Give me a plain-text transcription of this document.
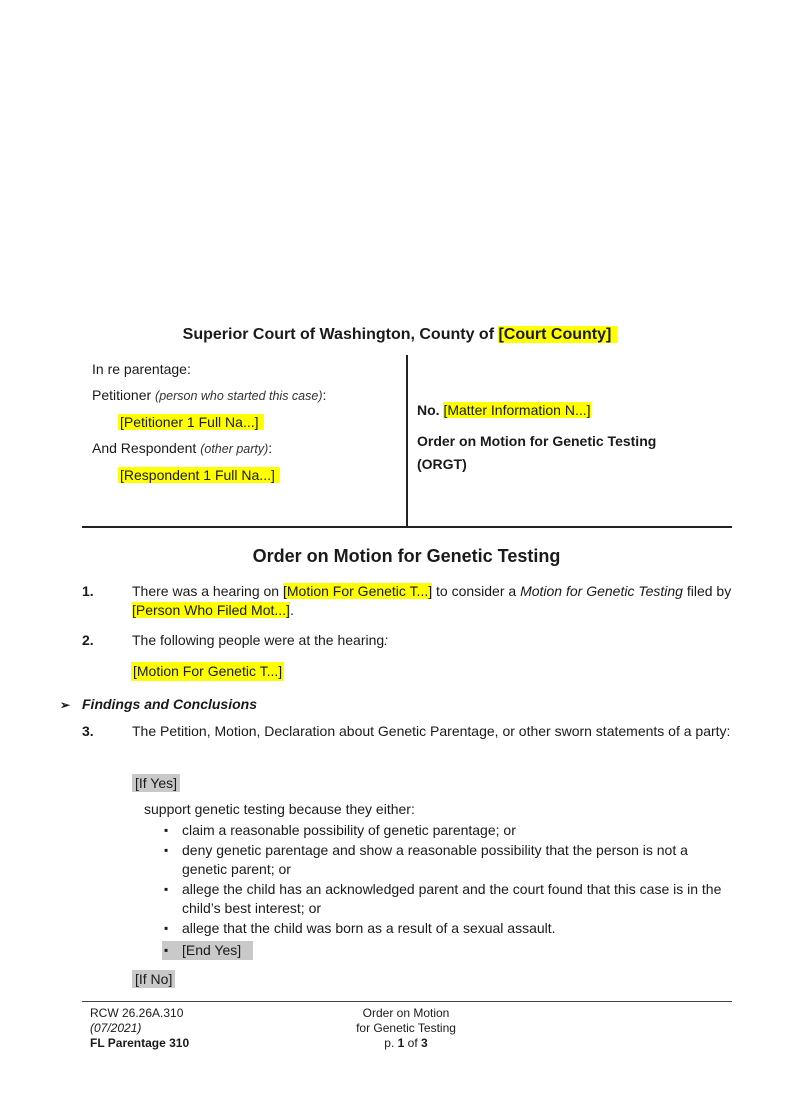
Superior Court of Washington, County of [Court County]
In re parentage:
Petitioner (person who started this case):
[Petitioner 1 Full Na...]
And Respondent (other party):
[Respondent 1 Full Na...]
No. [Matter Information N...]
Order on Motion for Genetic Testing
(ORGT)
Order on Motion for Genetic Testing
1.	There was a hearing on [Motion For Genetic T...] to consider a Motion for Genetic Testing filed by [Person Who Filed Mot...].
2.	The following people were at the hearing:
[Motion For Genetic T...]
➢ Findings and Conclusions
3.	The Petition, Motion, Declaration about Genetic Parentage, or other sworn statements of a party:
[If Yes]
support genetic testing because they either:
▪ claim a reasonable possibility of genetic parentage; or
▪ deny genetic parentage and show a reasonable possibility that the person is not a genetic parent; or
▪ allege the child has an acknowledged parent and the court found that this case is in the child’s best interest; or
▪ allege that the child was born as a result of a sexual assault.
▪ [End Yes]
[If No]
RCW 26.26A.310
(07/2021)
FL Parentage 310
Order on Motion
for Genetic Testing
p. 1 of 3
